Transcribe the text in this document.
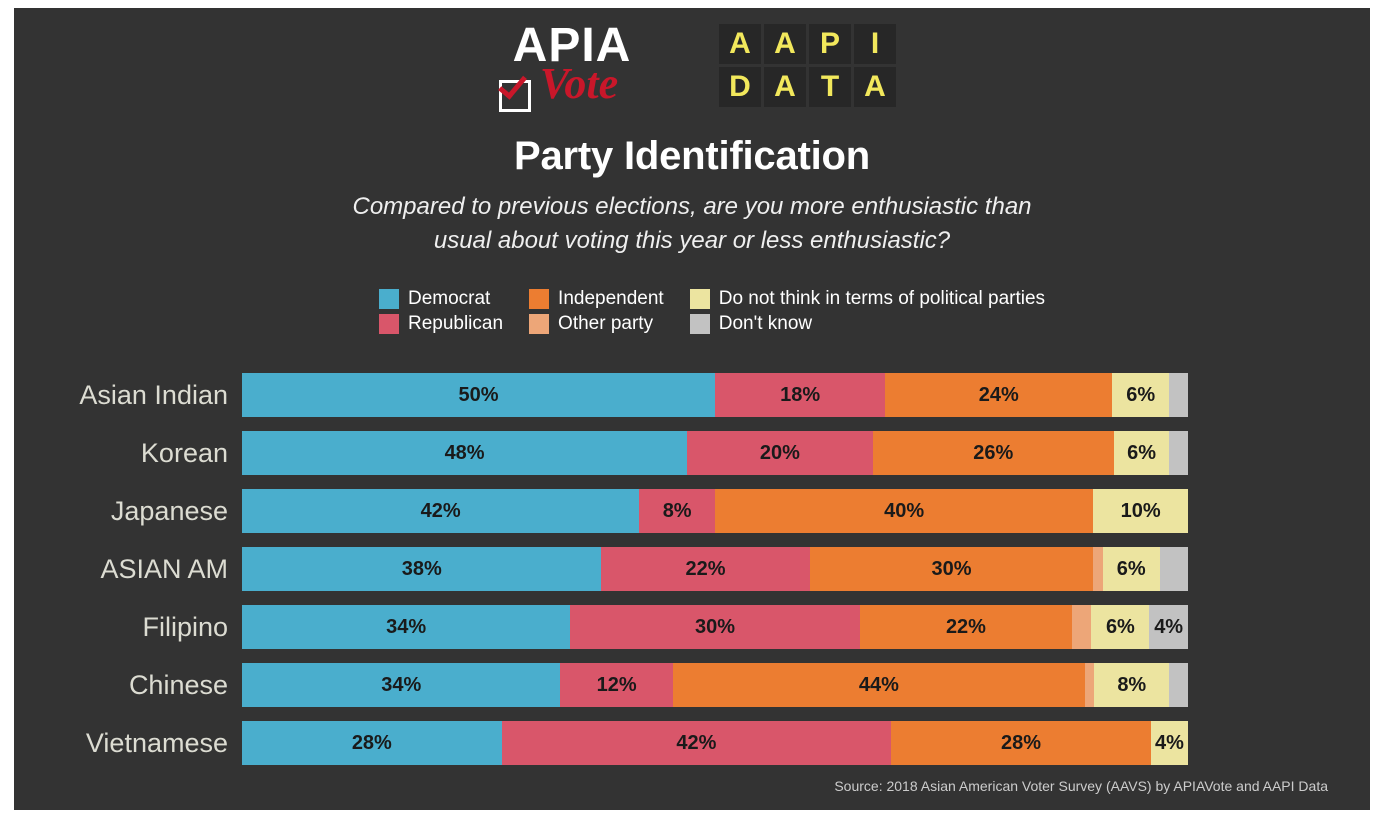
APIA
Vote
A A P	I
D A T A
Party Identification
Compared to previous elections, are you more enthusiastic than
usual about voting this year or less enthusiastic?
Democrat	Independent	Do not think in terms of political parties
Republican	Other party	Don't know
Asian Indian	50%	18%	24%	6%
Korean	48%	20%	26%	6%
Japanese	42%	8%	40%	10%
ASIAN AM	38%	22%	30%	6%
Filipino	34%	30%	22%	6% 4%
Chinese	34%	12%	44%	8%
Vietnamese	28%	42%	28%	4%
Source: 2018 Asian American Voter Survey (AAVS) by APIAVote and AAPI Data
